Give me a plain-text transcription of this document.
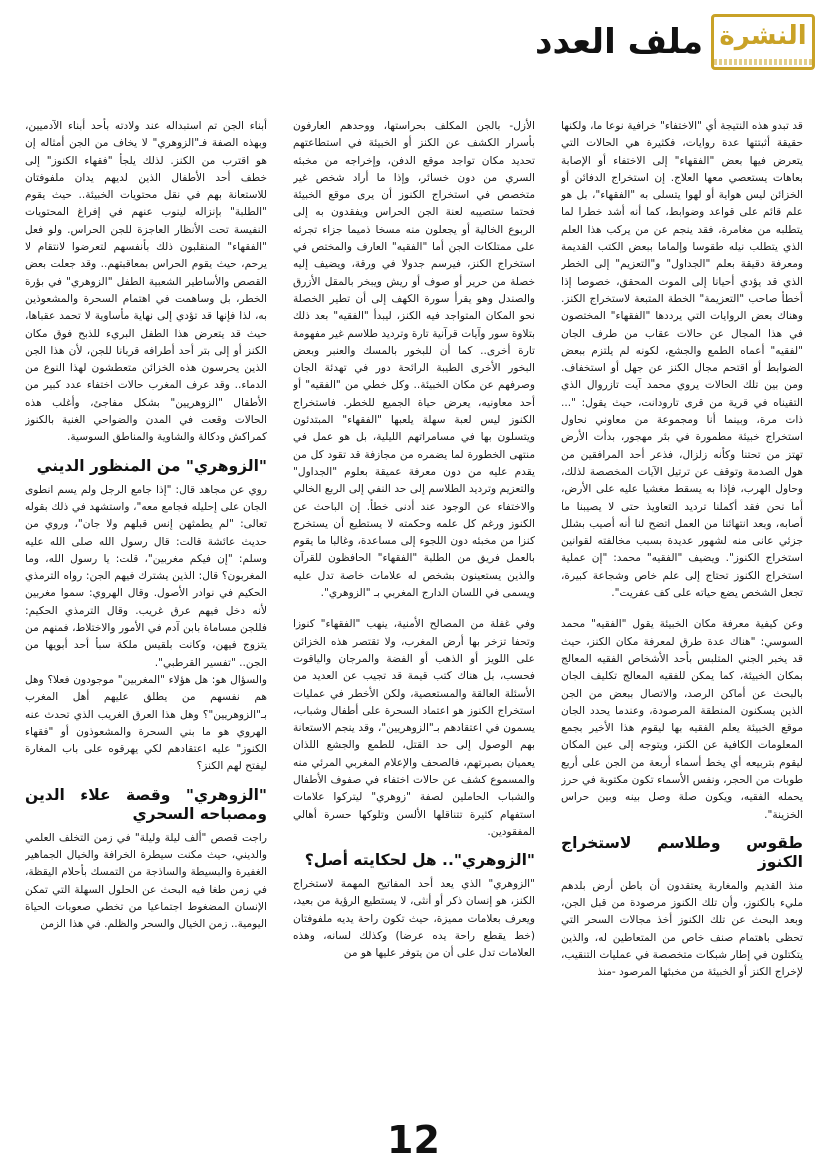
ملف العدد النشرة

قد تبدو هذه النتيجة أي "الاختفاء" خرافية نوعا ما، ولكنها حقيقة أثبتتها عدة روايات، فكثيرة هي الحالات التي يتعرض فيها بعض "الفقهاء" إلى الاختفاء أو الإصابة بعاهات يستعصي معها العلاج. إن استخراج الدفائن أو الخزائن ليس هواية أو لهوا يتسلى به "الفقهاء"، بل هو علم قائم على قواعد وضوابط، كما أنه أشد خطرا لما يتطلبه من مغامرة، فقد ينجم عن من يركب هذا العلم الذي يتطلب نيله طقوسا وإلماما ببعض الكتب القديمة ومعرفة دقيقة بعلم "الجداول" و"التعزيم" إلى الخطر الذي قد يؤدي أحيانا إلى الموت المحقق، خصوصا إذا أخطأ صاحب "التعزيمة" الخطة المتبعة لاستخراج الكنز. وهناك بعض الروايات التي يرددها "الفقهاء" المختصون في هذا المجال عن حالات عقاب من طرف الجان "لفقيه" أعماه الطمع والجشع، لكونه لم يلتزم ببعض الضوابط أو اقتحم مجال الكنز عن جهل أو استخفاف. ومن بين تلك الحالات يروي محمد آيت تازروال الذي التقيناه في قرية من قرى تارودانت، حيث يقول: "... ذات مرة، وبينما أنا ومجموعة من معاوني نحاول استخراج خبيئة مطمورة في بئر مهجور، بدأت الأرض تهتز من تحتنا وكأنه زلزال، فذعر أحد المرافقين من هول الصدمة وتوقف عن ترتيل الآيات المخصصة لذلك، وحاول الهرب، فإذا به يسقط مغشيا عليه على الأرض، أما نحن فقد أكملنا ترديد التعاويذ حتى لا يصيبنا ما أصابه، وبعد انتهائنا من العمل اتضح لنا أنه أصيب بشلل جزئي عانى منه لشهور عديدة بسبب مخالفته لقوانين استخراج الكنوز". ويضيف "الفقيه" محمد: "إن عملية استخراج الكنوز تحتاج إلى علم خاص وشجاعة كبيرة، تجعل الشخص يضع حياته على كف عفريت".

وعن كيفية معرفة مكان الخبيئة يقول "الفقيه" محمد السوسي: "هناك عدة طرق لمعرفة مكان الكنز، حيث قد يخبر الجني المتلبس بأحد الأشخاص الفقيه المعالج بمكان الخبيئة، كما يمكن للفقيه المعالج تكليف الجان بالبحث عن أماكن الرصد، والاتصال ببعض من الجن الذين يسكنون المنطقة المرصودة، وعندما يحدد الجان موقع الخبيئة يعلم الفقيه بها ليقوم هذا الأخير بجمع المعلومات الكافية عن الكنز، ويتوجه إلى عين المكان ليقوم بتربيعه أي يخط أسماء أربعة من الجن على أربع طوبات من الحجر، ونفس الأسماء تكون مكتوبة في حرز يحمله الفقيه، ويكون صلة وصل بينه وبين حراس الخزينة".

طقوس وطلاسم لاستخراج الكنوز

منذ القديم والمغاربة يعتقدون أن باطن أرض بلدهم مليء بالكنوز، وأن تلك الكنوز مرصودة من قبل الجن، وبعد البحث عن تلك الكنوز أخذ مجالات السحر التي تحظى باهتمام صنف خاص من المتعاطين له، والذين يتكتلون في إطار شبكات متخصصة في عمليات التنقيب، لإخراج الكنز أو الخبيئة من مخبئها المرصود -منذ

الأزل- بالجن المكلف بحراستها، ووحدهم العارفون بأسرار الكشف عن الكنز أو الخبيئة في استطاعتهم تحديد مكان تواجد موقع الدفن، وإخراجه من مخبئه السري من دون خسائر، وإذا ما أراد شخص غير متخصص في استخراج الكنوز أن يرى موقع الخبيئة فحتما ستصيبه لعنة الجن الحراس ويفقدون به إلى الربوع الخالية أو يجعلون منه مسخا ذميما جزاء تجرئه على ممتلكات الجن أما "الفقيه" العارف والمختص في استخراج الكنز، فيرسم جدولا في ورقة، ويضيف إليه خصلة من حرير أو صوف أو ريش ويبخر بالمقل الأزرق والصندل وهو يقرأ سورة الكهف إلى أن تطير الخصلة نحو المكان المتواجد فيه الكنز، ليبدأ "الفقيه" بعد ذلك بتلاوة سور وآيات قرآنية تارة وترديد طلاسم غير مفهومة تارة أخرى.. كما أن للبخور بالمسك والعنبر وبعض البخور الأخرى الطيبة الرائحة دور في تهدئة الجان وصرفهم عن مكان الخبيئة.. وكل خطي من "الفقيه" أو أحد معاونيه، يعرض حياة الجميع للخطر. فاستخراج الكنوز ليس لعبة سهلة يلعبها "الفقهاء" المبتدئون ويتسلون بها في مسامراتهم الليلية، بل هو عمل في منتهى الخطورة لما يضمره من مجازفة قد تقود كل من يقدم عليه من دون معرفة عميقة بعلوم "الجداول" والتعزيم وترديد الطلاسم إلى حد النفي إلى الربع الخالي والاختفاء عن الوجود عند أدنى خطأ. إن الباحث عن الكنوز ورغم كل علمه وحكمته لا يستطيع أن يستخرج كنزا من مخبئه دون اللجوء إلى مساعدة، وغالبا ما يقوم بالعمل فريق من الطلبة "الفقهاء" الحافظون للقرآن والذين يستعينون بشخص له علامات خاصة تدل عليه ويسمى في اللسان الدارج المغربي بـ "الزوهري".

وفي غفلة من المصالح الأمنية، ينهب "الفقهاء" كنوزا وتحفا تزخر بها أرض المغرب، ولا تقتصر هذه الخزائن على اللويز أو الذهب أو الفضة والمرجان والياقوت فحسب، بل هناك كتب قيمة قد تجيب عن العديد من الأسئلة العالقة والمستعصية، ولكن الأخطر في عمليات استخراج الكنوز هو اعتماد السحرة على أطفال وشباب، يسمون في اعتقادهم بـ"الزوهريين"، وقد ينجم الاستعانة بهم الوصول إلى حد القتل، للطمع والجشع اللذان يعميان بصيرتهم، فالصحف والإعلام المغربي المرئي منه والمسموع كشف عن حالات اختفاء في صفوف الأطفال والشباب الحاملين لصفة "زوهري" ليتركوا علامات استفهام كثيرة تتناقلها الألسن وتلوكها حسرة أهالي المفقودين.

"الزوهري".. هل لحكايته أصل؟

"الزوهري" الذي يعد أحد المفاتيح المهمة لاستخراج الكنز، هو إنسان ذكر أو أنثى، لا يستطيع الرؤية من بعيد، ويعرف بعلامات مميزة، حيث تكون راحة يديه ملفوفتان (خط يقطع راحة يده عرضا) وكذلك لسانه، وهذه العلامات تدل على أن من يتوفر عليها هو من

أبناء الجن تم استبداله عند ولادته بأحد أبناء الآدميين، وبهذه الصفة فـ"الزوهري" لا يخاف من الجن أمثاله إن هو اقترب من الكنز. لذلك يلجأ "فقهاء الكنوز" إلى خطف أحد الأطفال الذين لديهم يدان ملفوفتان للاستعانة بهم في نقل محتويات الخبيئة.. حيث يقوم "الطلبة" بإنزاله لينوب عنهم في إفراغ المحتويات النفيسة تحت الأنظار العاجزة للجن الحراس. ولو فعل "الفقهاء" المنقلبون ذلك بأنفسهم لتعرضوا لانتقام لا يرحم، حيث يقوم الحراس بمعاقبتهم.. وقد جعلت بعض القصص والأساطير الشعبية الطفل "الزوهري" في بؤرة الخطر، بل وساهمت في اهتمام السحرة والمشعوذين به، لذا فإنها قد تؤدي إلى نهاية مأساوية لا تحمد عقباها، حيث قد يتعرض هذا الطفل البريء للذبح فوق مكان الكنز أو إلى بتر أحد أطرافه قربانا للجن، لأن هذا الجن الذين يحرسون هذه الخزائن متعطشون لهذا النوع من الدماء.. وقد عرف المغرب حالات اختفاء عدد كبير من الأطفال "الزوهريين" بشكل مفاجئ، وأغلب هذه الحالات وقعت في المدن والضواحي الغنية بالكنوز كمراكش ودكالة والشاوية والمناطق السوسية.

"الزوهري" من المنظور الديني

روي عن مجاهد قال: "إذا جامع الرجل ولم يسم انطوى الجان على إحليله فجامع معه"، واستشهد في ذلك بقوله تعالى: "لم يطمثهن إنس قبلهم ولا جان"، وروي من حديث عائشة قالت: قال رسول الله صلى الله عليه وسلم: "إن فيكم مغربين"، قلت: يا رسول الله، وما المغربون؟ قال: الذين يشترك فيهم الجن: رواه الترمذي الحكيم في نوادر الأصول. وقال الهروي: سموا مغربين لأنه دخل فيهم عرق غريب. وقال الترمذي الحكيم: فللجن مساماة بابن آدم في الأمور والاختلاط، فمنهم من يتزوج فيهن، وكانت بلقيس ملكة سبأ أحد أبويها من الجن.. "تفسير القرطبي".

والسؤال هو: هل هؤلاء "المغربين" موجودون فعلا؟ وهل هم نفسهم من يطلق عليهم أهل المغرب بـ"الزوهريين"؟ وهل هذا العرق الغريب الذي تحدث عنه الهروي هو ما بني السحرة والمشعوذون أو "فقهاء الكنوز" عليه اعتقادهم لكي يهرقوه على باب المغارة ليفتح لهم الكنز؟

"الزوهري" وقصة علاء الدين ومصباحه السحري

راجت قصص "ألف ليلة وليلة" في زمن التخلف العلمي والديني، حيث مكنت سيطرة الخرافة والخيال الجماهير الغفيرة والبسيطة والساذجة من التمسك بأحلام اليقظة، في زمن طغا فيه البحث عن الحلول السهلة التي تمكن الإنسان المضغوط اجتماعيا من تخطي صعوبات الحياة اليومية.. زمن الخيال والسحر والظلم. في هذا الزمن

12
